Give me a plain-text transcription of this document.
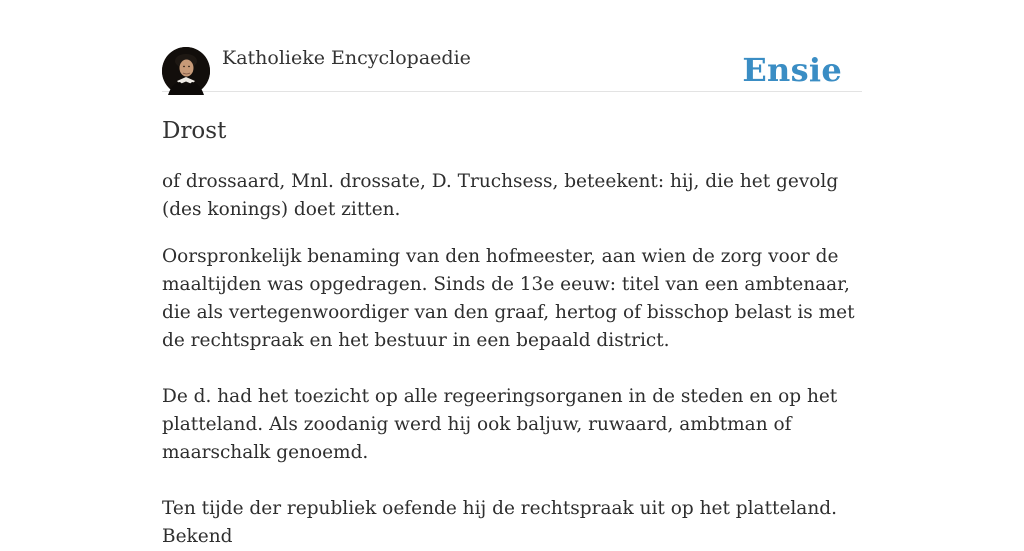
Katholieke Encyclopaedie	Ensie
Drost

of drossaard, Mnl. drossate, D. Truchsess, beteekent: hij, die het gevolg (des konings) doet zitten.

Oorspronkelijk benaming van den hofmeester, aan wien de zorg voor de maaltijden was opgedragen. Sinds de 13e eeuw: titel van een ambtenaar, die als vertegenwoordiger van den graaf, hertog of bisschop belast is met de rechtspraak en het bestuur in een bepaald district.

De d. had het toezicht op alle regeeringsorganen in de steden en op het platteland. Als zoodanig werd hij ook baljuw, ruwaard, ambtman of maarschalk genoemd.

Ten tijde der republiek oefende hij de rechtspraak uit op het platteland. Bekend
